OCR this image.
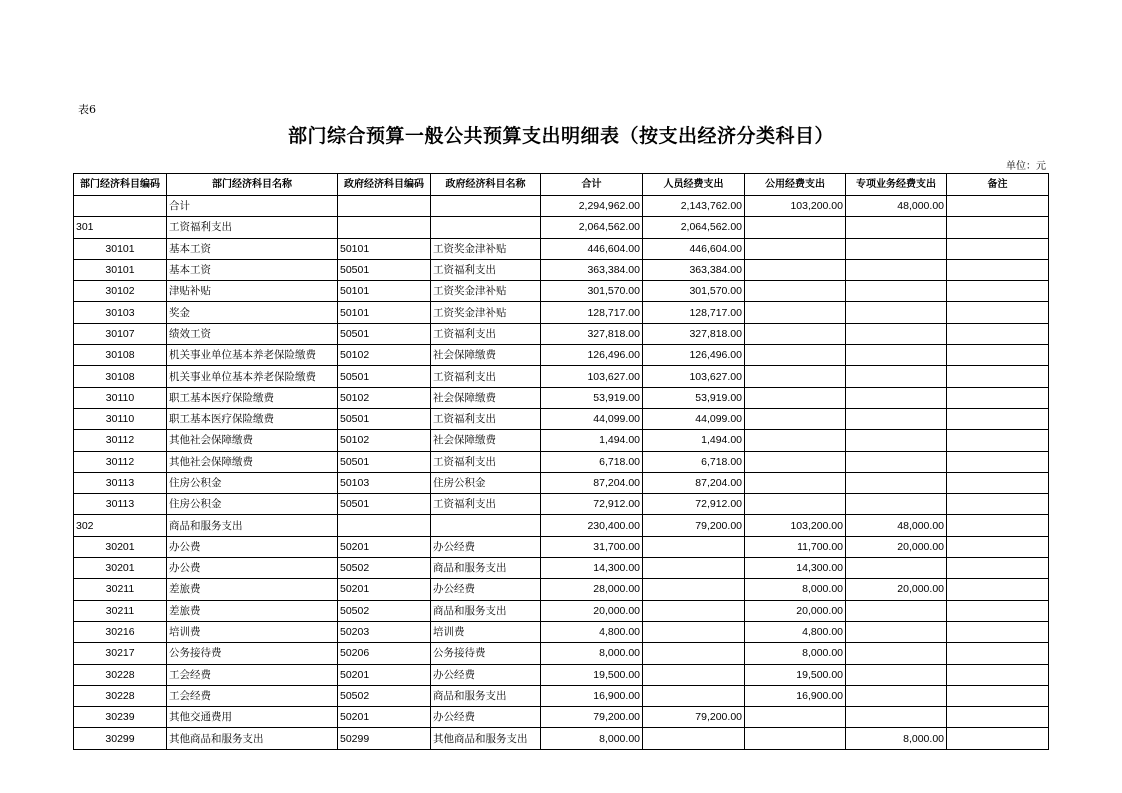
表6
部门综合预算一般公共预算支出明细表（按支出经济分类科目）
单位：元
部门经济科目编码	部门经济科目名称	政府经济科目编码	政府经济科目名称	合计	人员经费支出	公用经费支出	专项业务经费支出	备注
	合计			2,294,962.00	2,143,762.00	103,200.00	48,000.00	
301	工资福利支出			2,064,562.00	2,064,562.00			
30101	基本工资	50101	工资奖金津补贴	446,604.00	446,604.00			
30101	基本工资	50501	工资福利支出	363,384.00	363,384.00			
30102	津贴补贴	50101	工资奖金津补贴	301,570.00	301,570.00			
30103	奖金	50101	工资奖金津补贴	128,717.00	128,717.00			
30107	绩效工资	50501	工资福利支出	327,818.00	327,818.00			
30108	机关事业单位基本养老保险缴费	50102	社会保障缴费	126,496.00	126,496.00			
30108	机关事业单位基本养老保险缴费	50501	工资福利支出	103,627.00	103,627.00			
30110	职工基本医疗保险缴费	50102	社会保障缴费	53,919.00	53,919.00			
30110	职工基本医疗保险缴费	50501	工资福利支出	44,099.00	44,099.00			
30112	其他社会保障缴费	50102	社会保障缴费	1,494.00	1,494.00			
30112	其他社会保障缴费	50501	工资福利支出	6,718.00	6,718.00			
30113	住房公积金	50103	住房公积金	87,204.00	87,204.00			
30113	住房公积金	50501	工资福利支出	72,912.00	72,912.00			
302	商品和服务支出			230,400.00	79,200.00	103,200.00	48,000.00	
30201	办公费	50201	办公经费	31,700.00		11,700.00	20,000.00	
30201	办公费	50502	商品和服务支出	14,300.00		14,300.00		
30211	差旅费	50201	办公经费	28,000.00		8,000.00	20,000.00	
30211	差旅费	50502	商品和服务支出	20,000.00		20,000.00		
30216	培训费	50203	培训费	4,800.00		4,800.00		
30217	公务接待费	50206	公务接待费	8,000.00		8,000.00		
30228	工会经费	50201	办公经费	19,500.00		19,500.00		
30228	工会经费	50502	商品和服务支出	16,900.00		16,900.00		
30239	其他交通费用	50201	办公经费	79,200.00	79,200.00			
30299	其他商品和服务支出	50299	其他商品和服务支出	8,000.00			8,000.00	
